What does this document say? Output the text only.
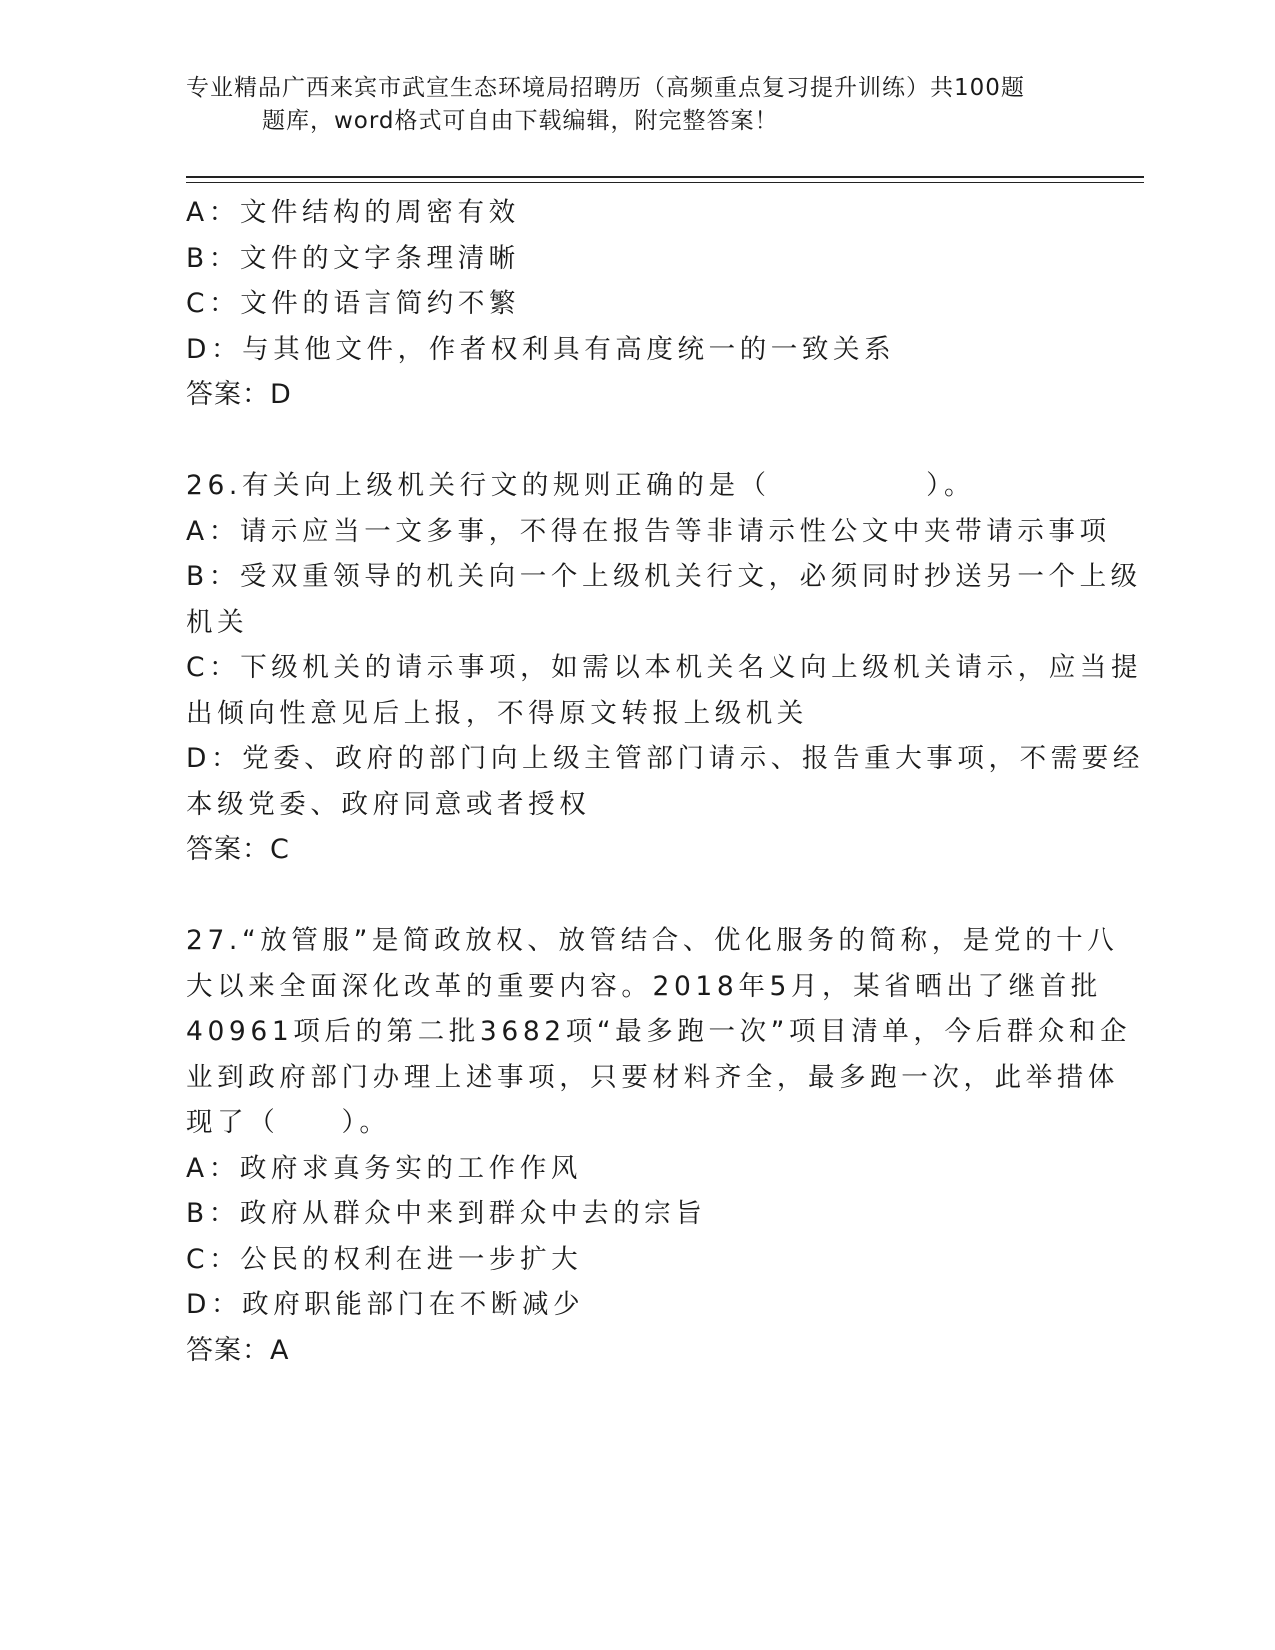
专业精品广西来宾市武宣生态环境局招聘历（高频重点复习提升训练）共100题
题库，word格式可自由下载编辑，附完整答案！
A：文件结构的周密有效
B：文件的文字条理清晰
C：文件的语言简约不繁
D：与其他文件，作者权利具有高度统一的一致关系
答案：D
26.有关向上级机关行文的规则正确的是（　　　　　）。
A：请示应当一文多事，不得在报告等非请示性公文中夹带请示事项
B：受双重领导的机关向一个上级机关行文，必须同时抄送另一个上级
机关
C：下级机关的请示事项，如需以本机关名义向上级机关请示，应当提
出倾向性意见后上报，不得原文转报上级机关
D：党委、政府的部门向上级主管部门请示、报告重大事项，不需要经
本级党委、政府同意或者授权
答案：C
27.“放管服”是简政放权、放管结合、优化服务的简称，是党的十八
大以来全面深化改革的重要内容。2018年5月，某省晒出了继首批
40961项后的第二批3682项“最多跑一次”项目清单，今后群众和企
业到政府部门办理上述事项，只要材料齐全，最多跑一次，此举措体
现了（　　）。
A：政府求真务实的工作作风
B：政府从群众中来到群众中去的宗旨
C：公民的权利在进一步扩大
D：政府职能部门在不断减少
答案：A
